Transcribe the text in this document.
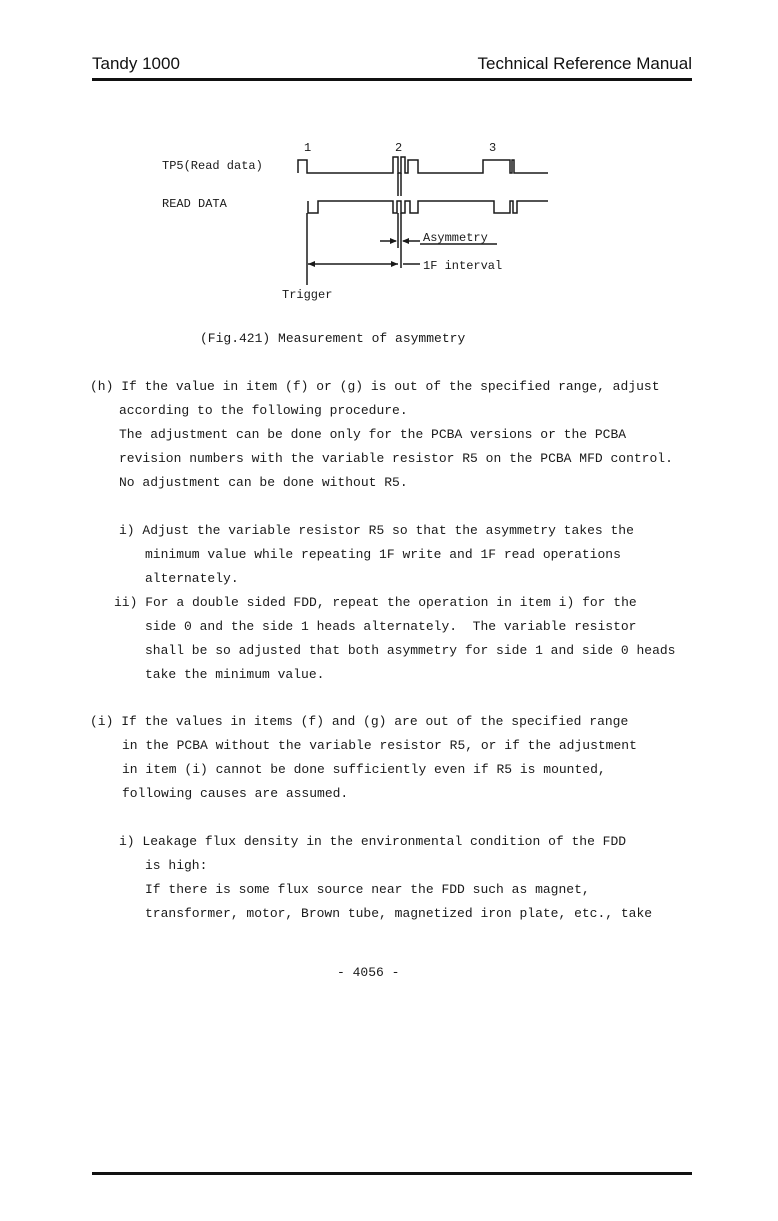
Tandy 1000	Technical Reference Manual
1	2	3
TP5(Read data)
READ DATA
Asymmetry
1F interval
Trigger
(Fig.421) Measurement of asymmetry
(h) If the value in item (f) or (g) is out of the specified range, adjust
according to the following procedure.
The adjustment can be done only for the PCBA versions or the PCBA
revision numbers with the variable resistor R5 on the PCBA MFD control.
No adjustment can be done without R5.
i) Adjust the variable resistor R5 so that the asymmetry takes the
minimum value while repeating 1F write and 1F read operations
alternately.
ii) For a double sided FDD, repeat the operation in item i) for the
side 0 and the side 1 heads alternately.  The variable resistor
shall be so adjusted that both asymmetry for side 1 and side 0 heads
take the minimum value.
(i) If the values in items (f) and (g) are out of the specified range
in the PCBA without the variable resistor R5, or if the adjustment
in item (i) cannot be done sufficiently even if R5 is mounted,
following causes are assumed.
i) Leakage flux density in the environmental condition of the FDD
is high:
If there is some flux source near the FDD such as magnet,
transformer, motor, Brown tube, magnetized iron plate, etc., take
- 4056 -
